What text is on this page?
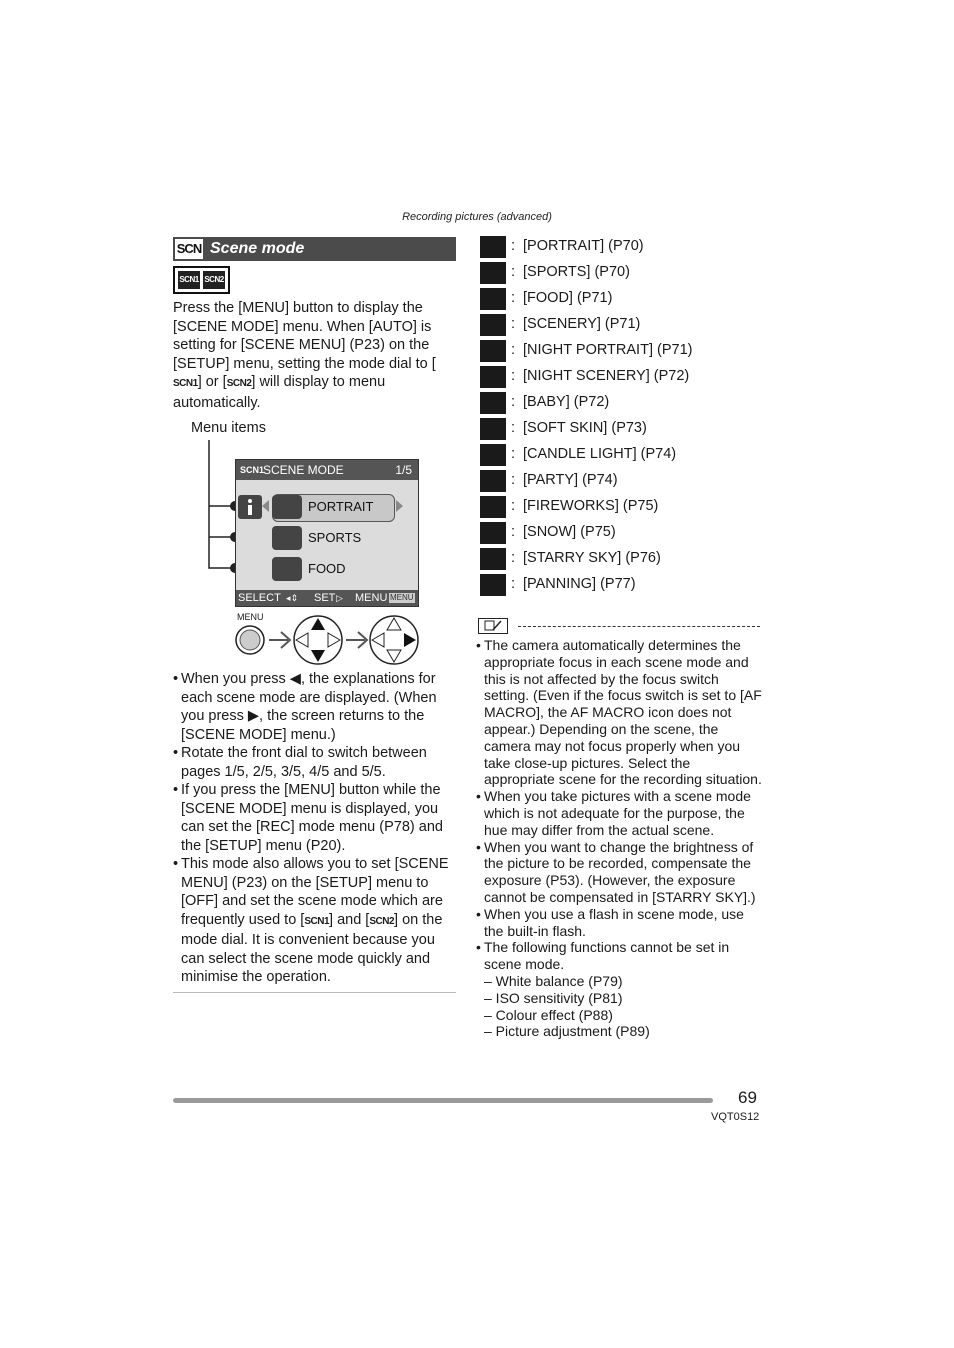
Recording pictures (advanced)
SCN Scene mode
SCN1 SCN2
Press the [MENU] button to display the [SCENE MODE] menu. When [AUTO] is setting for [SCENE MENU] (P23) on the [SETUP] menu, setting the mode dial to [SCN1] or [SCN2] will display to menu automatically.
Menu items
SCN1
SCENE MODE	1/5
PORTRAIT
SPORTS
FOOD
SELECT ◂⇕ SET ▷ MENU MENU
MENU
• When you press ◀, the explanations for each scene mode are displayed. (When you press ▶, the screen returns to the [SCENE MODE] menu.)
• Rotate the front dial to switch between pages 1/5, 2/5, 3/5, 4/5 and 5/5.
• If you press the [MENU] button while the [SCENE MODE] menu is displayed, you can set the [REC] mode menu (P78) and the [SETUP] menu (P20).
• This mode also allows you to set [SCENE MENU] (P23) on the [SETUP] menu to [OFF] and set the scene mode which are frequently used to [SCN1] and [SCN2] on the mode dial. It is convenient because you can select the scene mode quickly and minimise the operation.
: [PORTRAIT] (P70)
: [SPORTS] (P70)
: [FOOD] (P71)
: [SCENERY] (P71)
: [NIGHT PORTRAIT] (P71)
: [NIGHT SCENERY] (P72)
: [BABY] (P72)
: [SOFT SKIN] (P73)
: [CANDLE LIGHT] (P74)
: [PARTY] (P74)
: [FIREWORKS] (P75)
: [SNOW] (P75)
: [STARRY SKY] (P76)
: [PANNING] (P77)
• The camera automatically determines the appropriate focus in each scene mode and this is not affected by the focus switch setting. (Even if the focus switch is set to [AF MACRO], the AF MACRO icon does not appear.) Depending on the scene, the camera may not focus properly when you take close-up pictures. Select the appropriate scene for the recording situation.
• When you take pictures with a scene mode which is not adequate for the purpose, the hue may differ from the actual scene.
• When you want to change the brightness of the picture to be recorded, compensate the exposure (P53). (However, the exposure cannot be compensated in [STARRY SKY].)
• When you use a flash in scene mode, use the built-in flash.
• The following functions cannot be set in scene mode.
– White balance (P79)
– ISO sensitivity (P81)
– Colour effect (P88)
– Picture adjustment (P89)
69
VQT0S12
